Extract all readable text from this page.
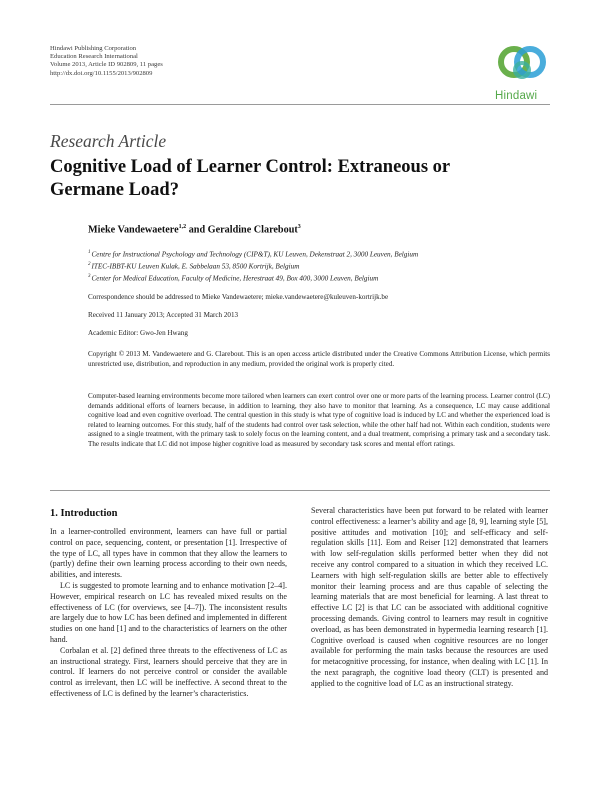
Hindawi Publishing Corporation
Education Research International
Volume 2013, Article ID 902809, 11 pages
http://dx.doi.org/10.1155/2013/902809
Hindawi
Research Article
Cognitive Load of Learner Control: Extraneous or
Germane Load?
Mieke Vandewaetere$^{1,2}$ and Geraldine Clarebout$^3$
$^1$Centre for Instructional Psychology and Technology (CIP&T), KU Leuven, Dekenstraat 2, 3000 Leuven, Belgium
$^2$ITEC-IBBT-KU Leuven Kulak, E. Sabbelaan 53, 8500 Kortrijk, Belgium
$^3$Center for Medical Education, Faculty of Medicine, Herestraat 49, Box 400, 3000 Leuven, Belgium
Correspondence should be addressed to Mieke Vandewaetere; mieke.vandewaetere@kuleuven-kortrijk.be
Received 11 January 2013; Accepted 31 March 2013
Academic Editor: Gwo-Jen Hwang
Copyright © 2013 M. Vandewaetere and G. Clarebout. This is an open access article distributed under the Creative Commons Attribution License, which permits unrestricted use, distribution, and reproduction in any medium, provided the original work is properly cited.
Computer-based learning environments become more tailored when learners can exert control over one or more parts of the learning process. Learner control (LC) demands additional efforts of learners because, in addition to learning, they also have to monitor that learning. As a consequence, LC may cause additional cognitive load and even cognitive overload. The central question in this study is what type of cognitive load is induced by LC and whether the experienced load is related to learning outcomes. For this study, half of the students had control over task selection, while the other half had not. Within each condition, students were assigned to a single treatment, with the primary task to solely focus on the learning content, and a dual treatment, comprising a primary task and a secondary task. The results indicate that LC did not impose higher cognitive load as measured by secondary task scores and mental effort ratings.
1. Introduction

In a learner-controlled environment, learners can have full or partial control on pace, sequencing, content, or presentation [1]. Irrespective of the type of LC, all types have in common that they allow the learners to (partly) define their own learning process according to their own needs, abilities, and interests.

LC is suggested to promote learning and to enhance motivation [2–4]. However, empirical research on LC has revealed mixed results on the effectiveness of LC (for overviews, see [4–7]). The inconsistent results are largely due to how LC has been defined and implemented in different studies on one hand [1] and to the characteristics of learners on the other hand.

Corbalan et al. [2] defined three threats to the effectiveness of LC as an instructional strategy. First, learners should perceive that they are in control. If learners do not perceive control or consider the available control as irrelevant, then LC will be ineffective. A second threat to the effectiveness of LC is defined by the learner’s characteristics.

Several characteristics have been put forward to be related with learner control effectiveness: a learner’s ability and age [8, 9], learning style [5], positive attitudes and motivation [10]; and self-efficacy and self-regulation skills [11]. Eom and Reiser [12] demonstrated that learners with low self-regulation skills performed better when they did not receive any control compared to a situation in which they received LC. Learners with high self-regulation skills are better able to effectively monitor their learning process and are thus capable of selecting the learning materials that are most beneficial for learning. A last threat to effective LC [2] is that LC can be associated with additional cognitive processing demands. Giving control to learners may result in cognitive overload, as has been demonstrated in hypermedia learning research [1]. Cognitive overload is caused when cognitive resources are no longer available for performing the main tasks because the resources are used for metacognitive processing, for instance, when dealing with LC [1]. In the next paragraph, the cognitive load theory (CLT) is presented and applied to the cognitive load of LC as an instructional strategy.
